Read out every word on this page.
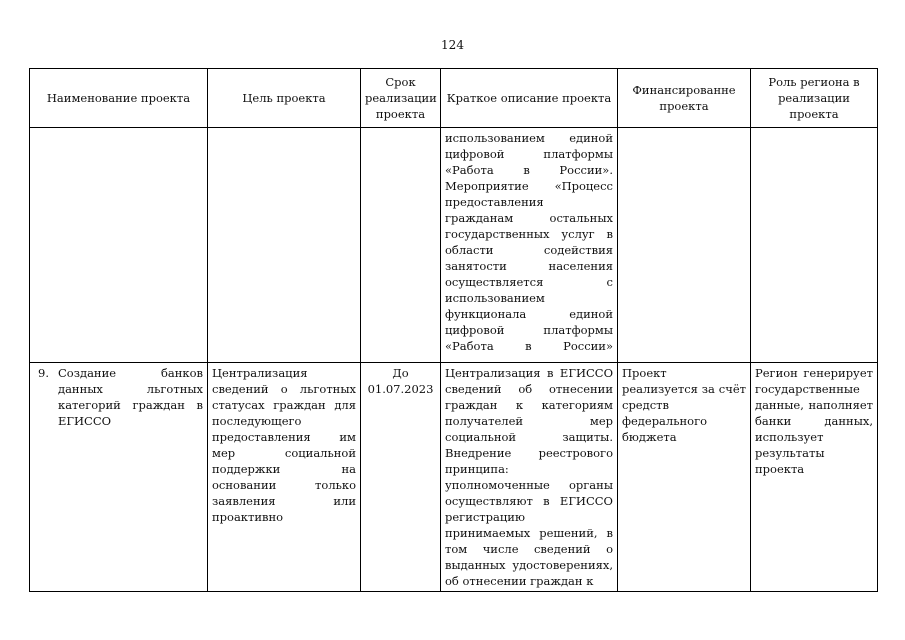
124
Наименование проекта	Цель проекта	Срок реализации проекта	Краткое описание проекта	Финансированне проекта	Роль региона в реализации проекта
			использованием единой цифровой платформы «Работа в России». Мероприятие «Процесс предоставления гражданам остальных государственных услуг в области содействия занятости населения осуществляется с использованием функционала единой цифровой платформы «Работа в России»		

9. Создание банков данных льготных категорий граждан в ЕГИССО	Централизация сведений о льготных статусах граждан для последующего предоставления им мер социальной поддержки на основании только заявления или проактивно	До 01.07.2023	Централизация в ЕГИССО сведений об отнесении граждан к категориям получателей мер социальной защиты. Внедрение реестрового принципа: уполномоченные органы осуществляют в ЕГИССО регистрацию принимаемых решений, в том числе сведений о выданных удостоверениях, об отнесении граждан к	Проект реализуется за счёт средств федерального бюджета	Регион генерирует государственные данные, наполняет банки данных, использует результаты проекта
